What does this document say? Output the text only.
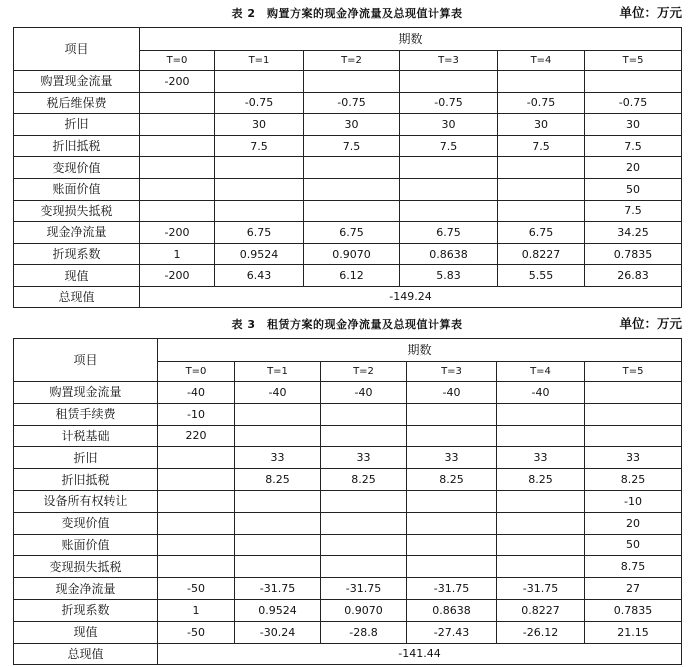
表 2　购置方案的现金净流量及总现值计算表	单位：万元
项目	期数					
	T=0	T=1	T=2	T=3	T=4	T=5
购置现金流量	-200					
税后维保费		-0.75	-0.75	-0.75	-0.75	-0.75
折旧		30	30	30	30	30
折旧抵税		7.5	7.5	7.5	7.5	7.5
变现价值						20
账面价值						50
变现损失抵税						7.5
现金净流量	-200	6.75	6.75	6.75	6.75	34.25
折现系数	1	0.9524	0.9070	0.8638	0.8227	0.7835
现值	-200	6.43	6.12	5.83	5.55	26.83
总现值	-149.24					
表 3　租赁方案的现金净流量及总现值计算表	单位：万元
项目	期数					
	T=0	T=1	T=2	T=3	T=4	T=5
购置现金流量	-40	-40	-40	-40	-40	
租赁手续费	-10					
计税基础	220					
折旧		33	33	33	33	33
折旧抵税		8.25	8.25	8.25	8.25	8.25
设备所有权转让						-10
变现价值						20
账面价值						50
变现损失抵税						8.75
现金净流量	-50	-31.75	-31.75	-31.75	-31.75	27
折现系数	1	0.9524	0.9070	0.8638	0.8227	0.7835
现值	-50	-30.24	-28.8	-27.43	-26.12	21.15
总现值	-141.44					
